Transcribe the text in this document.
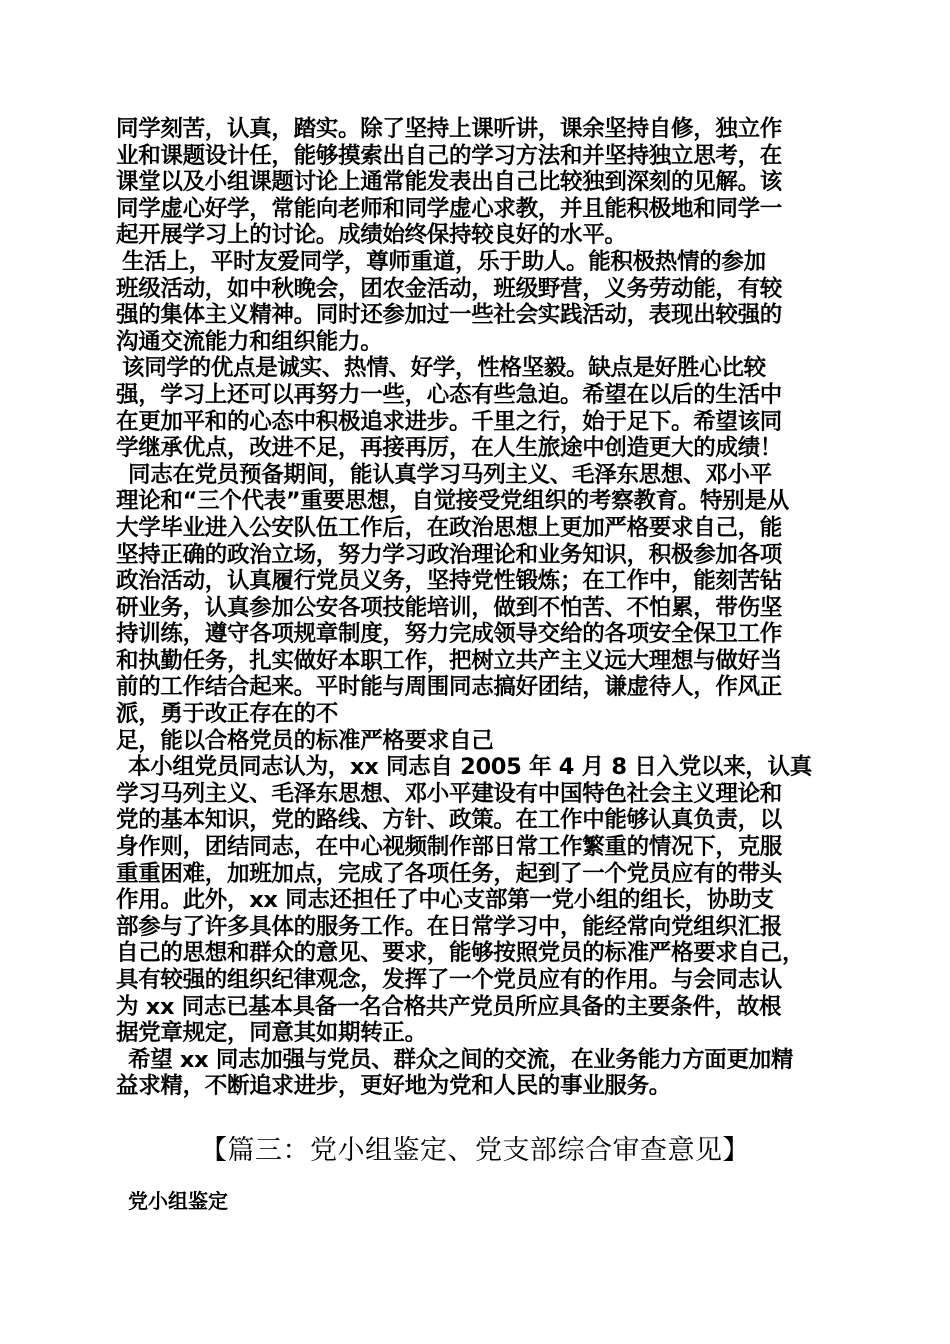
同学刻苦，认真，踏实。除了坚持上课听讲，课余坚持自修，独立作
业和课题设计任，能够摸索出自己的学习方法和并坚持独立思考，在
课堂以及小组课题讨论上通常能发表出自己比较独到深刻的见解。该
同学虚心好学，常能向老师和同学虚心求教，并且能积极地和同学一
起开展学习上的讨论。成绩始终保持较良好的水平。
生活上，平时友爱同学，尊师重道，乐于助人。能积极热情的参加
班级活动，如中秋晚会，团农金活动，班级野营，义务劳动能，有较
强的集体主义精神。同时还参加过一些社会实践活动，表现出较强的
沟通交流能力和组织能力。
该同学的优点是诚实、热情、好学，性格坚毅。缺点是好胜心比较
强，学习上还可以再努力一些，心态有些急迫。希望在以后的生活中
在更加平和的心态中积极追求进步。千里之行，始于足下。希望该同
学继承优点，改进不足，再接再厉，在人生旅途中创造更大的成绩！
同志在党员预备期间，能认真学习马列主义、毛泽东思想、邓小平
理论和“三个代表”重要思想，自觉接受党组织的考察教育。特别是从
大学毕业进入公安队伍工作后，在政治思想上更加严格要求自己，能
坚持正确的政治立场，努力学习政治理论和业务知识，积极参加各项
政治活动，认真履行党员义务，坚持党性锻炼；在工作中，能刻苦钻
研业务，认真参加公安各项技能培训，做到不怕苦、不怕累，带伤坚
持训练，遵守各项规章制度，努力完成领导交给的各项安全保卫工作
和执勤任务，扎实做好本职工作，把树立共产主义远大理想与做好当
前的工作结合起来。平时能与周围同志搞好团结，谦虚待人，作风正
派，勇于改正存在的不
足，能以合格党员的标准严格要求自己
本小组党员同志认为，xx 同志自 2005 年 4 月 8 日入党以来，认真
学习马列主义、毛泽东思想、邓小平建设有中国特色社会主义理论和
党的基本知识，党的路线、方针、政策。在工作中能够认真负责，以
身作则，团结同志，在中心视频制作部日常工作繁重的情况下，克服
重重困难，加班加点，完成了各项任务，起到了一个党员应有的带头
作用。此外，xx 同志还担任了中心支部第一党小组的组长，协助支
部参与了许多具体的服务工作。在日常学习中，能经常向党组织汇报
自己的思想和群众的意见、要求，能够按照党员的标准严格要求自己，
具有较强的组织纪律观念，发挥了一个党员应有的作用。与会同志认
为 xx 同志已基本具备一名合格共产党员所应具备的主要条件，故根
据党章规定，同意其如期转正。
希望 xx 同志加强与党员、群众之间的交流，在业务能力方面更加精
益求精，不断追求进步，更好地为党和人民的事业服务。
【篇三：党小组鉴定、党支部综合审查意见】
党小组鉴定
